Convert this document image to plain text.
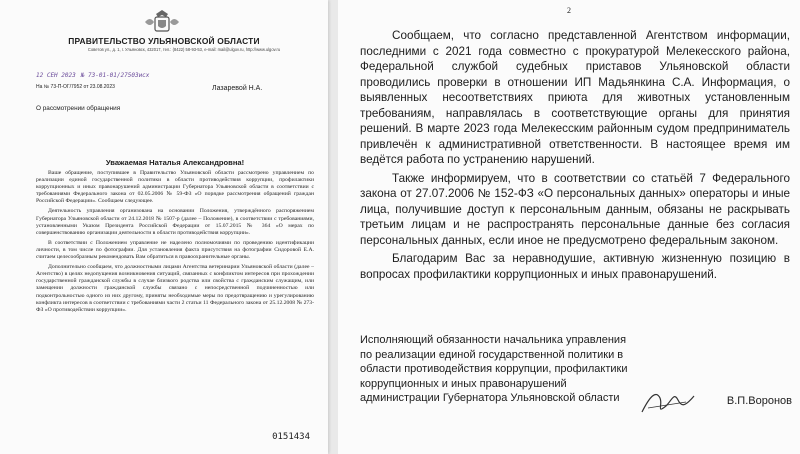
ПРАВИТЕЛЬСТВО УЛЬЯНОВСКОЙ ОБЛАСТИ
Советов ул., д. 1, г. Ульяновск, 432017, тел.: (8422) 58-93-53, e-mail: mail@ulgov.ru, http://www.ulgov.ru
12 СЕН 2023 № 73-01-01/27503исх
На № 73-П-ОГ/7952 от 23.08.2023	Лазаревой Н.А.
О рассмотрении обращения
Уважаемая Наталья Александровна!

Ваше обращение, поступившее в Правительство Ульяновской области рассмотрено управлением по реализации единой государственной политики в области противодействия коррупции, профилактики коррупционных и иных правонарушений администрации Губернатора Ульяновской области в соответствии с требованиями Федерального закона от 02.05.2006 № 59-ФЗ «О порядке рассмотрения обращений граждан Российской Федерации». Сообщаем следующее.

Деятельность управления организована на основании Положения, утверждённого распоряжением Губернатора Ульяновской области от 24.12.2018 № 1507-р (далее – Положение), в соответствии с требованиями, установленными Указом Президента Российской Федерации от 15.07.2015 № 364 «О мерах по совершенствованию организации деятельности в области противодействия коррупции».

В соответствии с Положением управление не наделено полномочиями по проведению идентификации личности, в том числе по фотографии. Для установления факта присутствия на фотографии Сидоровой Е.А. считаем целесообразным рекомендовать Вам обратиться в правоохранительные органы.

Дополнительно сообщаем, что должностными лицами Агентства ветеринарии Ульяновской области (далее – Агентство) в целях недопущения возникновения ситуаций, связанных с конфликтом интересов при прохождении государственной гражданской службы в случае близкого родства или свойства с гражданским служащим, или замещении должности гражданской службы связано с непосредственной подчиненностью или подконтрольностью одного из них другому, приняты необходимые меры по предотвращению и урегулированию конфликта интересов в соответствии с требованиями части 2 статьи 11 Федерального закона от 25.12.2008 № 273-ФЗ «О противодействии коррупции».

0151434
2

Сообщаем, что согласно представленной Агентством информации, последними с 2021 года совместно с прокуратурой Мелекесского района, Федеральной службой судебных приставов Ульяновской области проводились проверки в отношении ИП Мадьянкина С.А. Информация, о выявленных несоответствиях приюта для животных установленным требованиям, направлялась в соответствующие органы для принятия решений. В марте 2023 года Мелекесским районным судом предприниматель привлечён к административной ответственности. В настоящее время им ведётся работа по устранению нарушений.

Также информируем, что в соответствии со статьёй 7 Федерального закона от 27.07.2006 № 152-ФЗ «О персональных данных» операторы и иные лица, получившие доступ к персональным данным, обязаны не раскрывать третьим лицам и не распространять персональные данные без согласия персональных данных, если иное не предусмотрено федеральным законом.

Благодарим Вас за неравнодушие, активную жизненную позицию в вопросах профилактики коррупционных и иных правонарушений.

Исполняющий обязанности начальника управления по реализации единой государственной политики в области противодействия коррупции, профилактики коррупционных и иных правонарушений администрации Губернатора Ульяновской области	В.П.Воронов
